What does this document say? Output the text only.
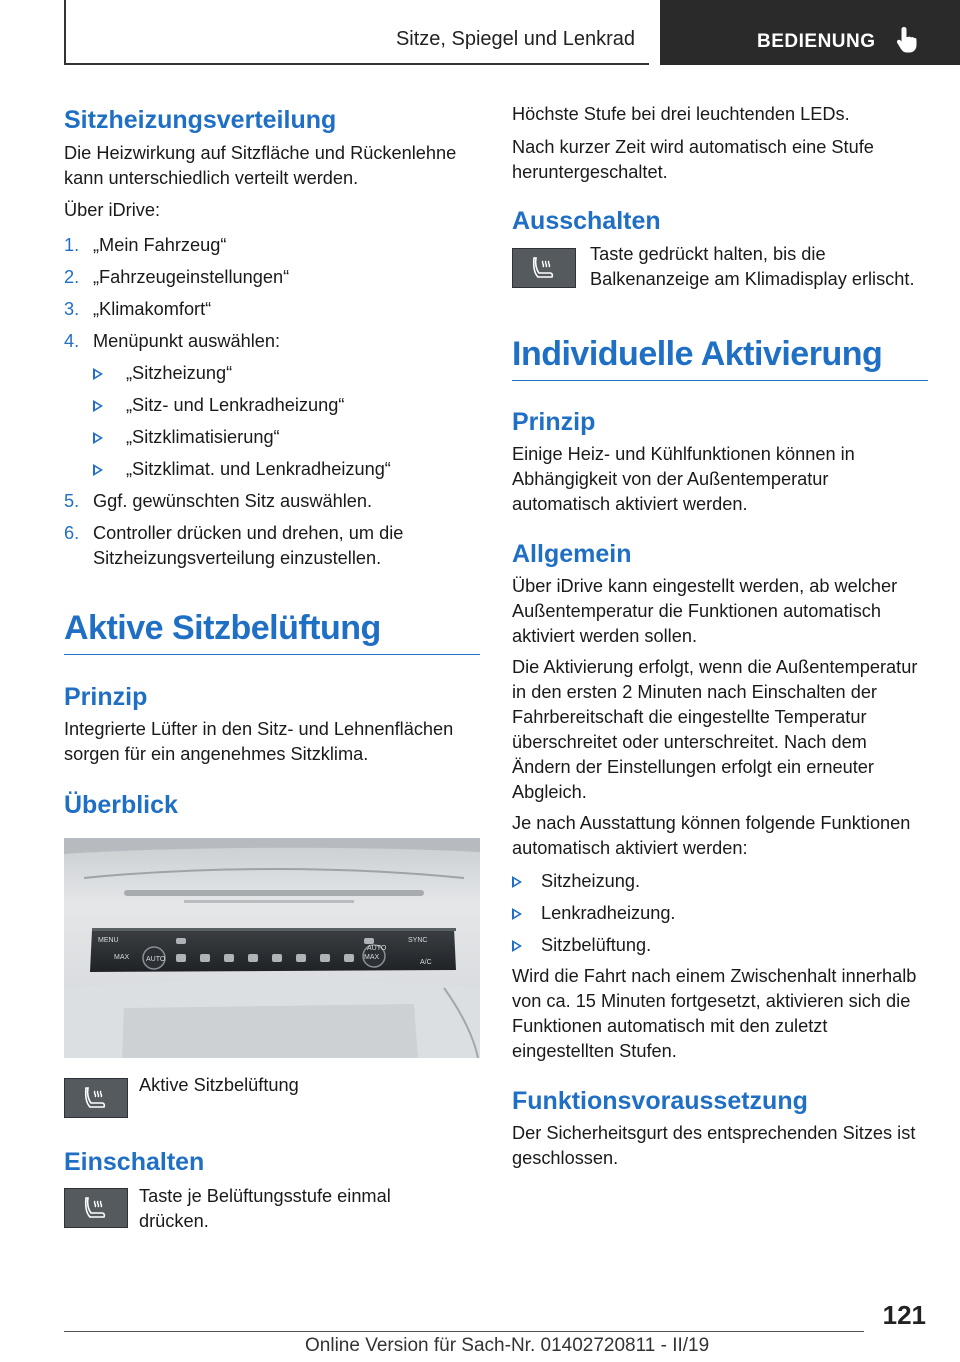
Sitze, Spiegel und Lenkrad	BEDIENUNG
Sitzheizungsverteilung
Die Heizwirkung auf Sitzfläche und Rückenlehne kann unterschiedlich verteilt werden.
Über iDrive:
1. „Mein Fahrzeug“
2. „Fahrzeugeinstellungen“
3. „Klimakomfort“
4. Menüpunkt auswählen:
„Sitzheizung“
„Sitz- und Lenkradheizung“
„Sitzklimatisierung“
„Sitzklimat. und Lenkradheizung“
5. Ggf. gewünschten Sitz auswählen.
6. Controller drücken und drehen, um die Sitzheizungsverteilung einzustellen.
Aktive Sitzbelüftung
Prinzip
Integrierte Lüfter in den Sitz- und Lehnenflächen sorgen für ein angenehmes Sitzklima.
Überblick
MENU
MAX AUTO
SYNC
MAX
AUTO
A/C
Aktive Sitzbelüftung
Einschalten
Taste je Belüftungsstufe einmal drücken.
Höchste Stufe bei drei leuchtenden LEDs.
Nach kurzer Zeit wird automatisch eine Stufe heruntergeschaltet.
Ausschalten
Taste gedrückt halten, bis die Balkenanzeige am Klimadisplay erlischt.
Individuelle Aktivierung
Prinzip
Einige Heiz- und Kühlfunktionen können in Abhängigkeit von der Außentemperatur automatisch aktiviert werden.
Allgemein
Über iDrive kann eingestellt werden, ab welcher Außentemperatur die Funktionen automatisch aktiviert werden sollen.
Die Aktivierung erfolgt, wenn die Außentemperatur in den ersten 2 Minuten nach Einschalten der Fahrbereitschaft die eingestellte Temperatur überschreitet oder unterschreitet. Nach dem Ändern der Einstellungen erfolgt ein erneuter Abgleich.
Je nach Ausstattung können folgende Funktionen automatisch aktiviert werden:
Sitzheizung.
Lenkradheizung.
Sitzbelüftung.
Wird die Fahrt nach einem Zwischenhalt innerhalb von ca. 15 Minuten fortgesetzt, aktivieren sich die Funktionen automatisch mit den zuletzt eingestellten Stufen.
Funktionsvoraussetzung
Der Sicherheitsgurt des entsprechenden Sitzes ist geschlossen.
121
Online Version für Sach-Nr. 01402720811 - II/19
